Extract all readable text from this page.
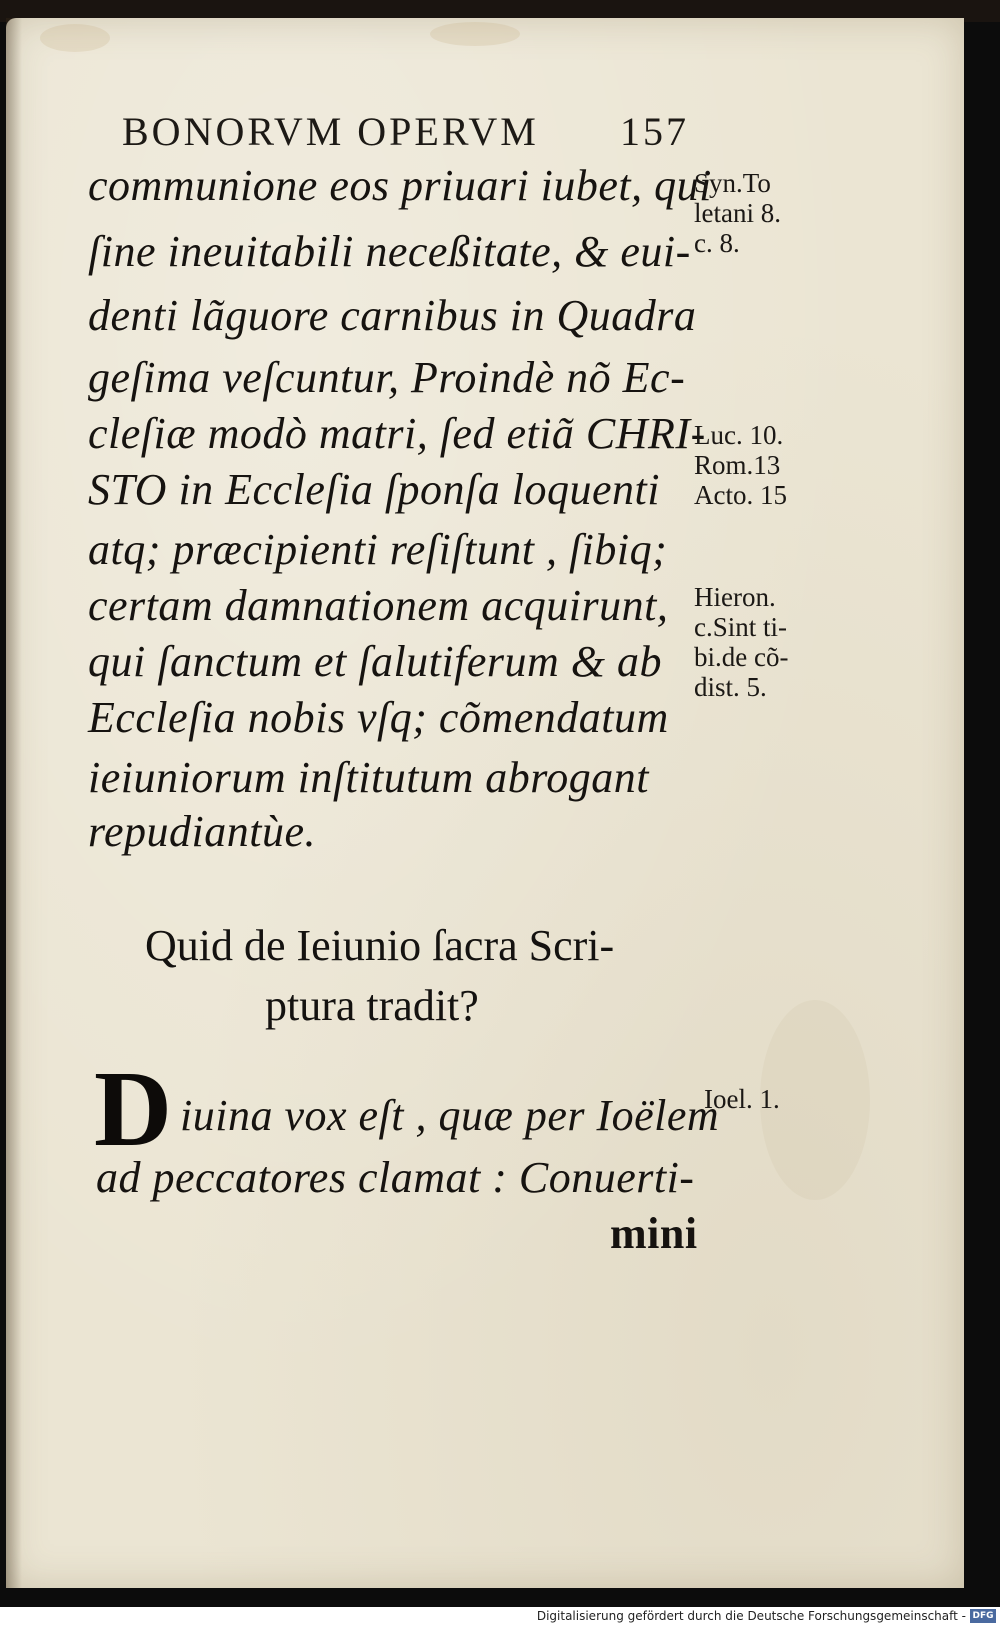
BONORVM OPERVM 157
communione eos priuari iubet, qui
ſine ineuitabili neceßitate, & eui-
denti lãguore carnibus in Quadra
geſima veſcuntur, Proindè nõ Ec-
cleſiæ modò matri, ſed etiã CHRI-
STO in Eccleſia ſponſa loquenti
atq; præcipienti reſiſtunt , ſibiq;
certam damnationem acquirunt,
qui ſanctum et ſalutiferum & ab
Eccleſia nobis vſq; cõmendatum
ieiuniorum inſtitutum abrogant
repudiantùe.
Syn.To
letani 8.
c. 8.
Luc. 10.
Rom.13
Acto. 15
Hieron.
c.Sint ti-
bi.de cõ-
dist. 5.
Ioel. 1.
Quid de Ieiunio ſacra Scri-
ptura tradit?
D iuina vox eſt , quæ per Ioëlem
ad peccatores clamat : Conuerti-
mini
Digitalisierung gefördert durch die Deutsche Forschungsgemeinschaft - DFG
